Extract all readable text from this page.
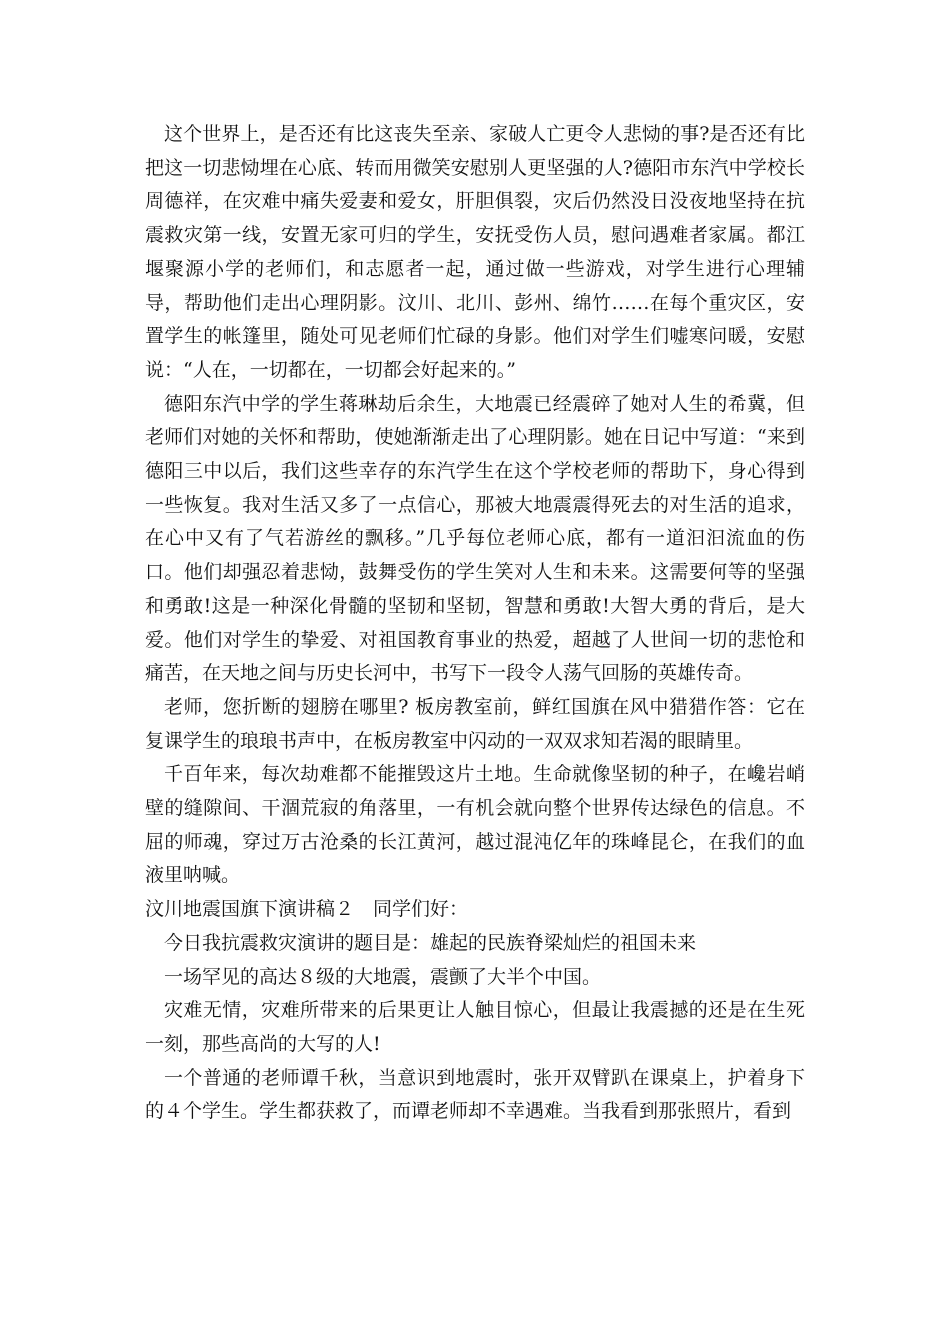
这个世界上，是否还有比这丧失至亲、家破人亡更令人悲恸的事?是否还有比把这一切悲恸埋在心底、转而用微笑安慰别人更坚强的人?德阳市东汽中学校长周德祥，在灾难中痛失爱妻和爱女，肝胆俱裂，灾后仍然没日没夜地坚持在抗震救灾第一线，安置无家可归的学生，安抚受伤人员，慰问遇难者家属。都江堰聚源小学的老师们，和志愿者一起，通过做一些游戏，对学生进行心理辅导，帮助他们走出心理阴影。汶川、北川、彭州、绵竹……在每个重灾区，安置学生的帐篷里，随处可见老师们忙碌的身影。他们对学生们嘘寒问暖，安慰说：“人在，一切都在，一切都会好起来的。”

德阳东汽中学的学生蒋琳劫后余生，大地震已经震碎了她对人生的希冀，但老师们对她的关怀和帮助，使她渐渐走出了心理阴影。她在日记中写道：“来到德阳三中以后，我们这些幸存的东汽学生在这个学校老师的帮助下，身心得到一些恢复。我对生活又多了一点信心，那被大地震震得死去的对生活的追求，在心中又有了气若游丝的飘移。”几乎每位老师心底，都有一道汩汩流血的伤口。他们却强忍着悲恸，鼓舞受伤的学生笑对人生和未来。这需要何等的坚强和勇敢!这是一种深化骨髓的坚韧和坚韧，智慧和勇敢!大智大勇的背后，是大爱。他们对学生的挚爱、对祖国教育事业的热爱，超越了人世间一切的悲怆和痛苦，在天地之间与历史长河中，书写下一段令人荡气回肠的英雄传奇。

老师，您折断的翅膀在哪里? 板房教室前，鲜红国旗在风中猎猎作答：它在复课学生的琅琅书声中，在板房教室中闪动的一双双求知若渴的眼睛里。

千百年来，每次劫难都不能摧毁这片土地。生命就像坚韧的种子，在巉岩峭壁的缝隙间、干涸荒寂的角落里，一有机会就向整个世界传达绿色的信息。不屈的师魂，穿过万古沧桑的长江黄河，越过混沌亿年的珠峰昆仑，在我们的血液里呐喊。

汶川地震国旗下演讲稿２　同学们好：

今日我抗震救灾演讲的题目是：雄起的民族脊梁灿烂的祖国未来

一场罕见的高达８级的大地震，震颤了大半个中国。

灾难无情，灾难所带来的后果更让人触目惊心，但最让我震撼的还是在生死一刻，那些高尚的大写的人!

一个普通的老师谭千秋，当意识到地震时，张开双臂趴在课桌上，护着身下的４个学生。学生都获救了，而谭老师却不幸遇难。当我看到那张照片，看到
